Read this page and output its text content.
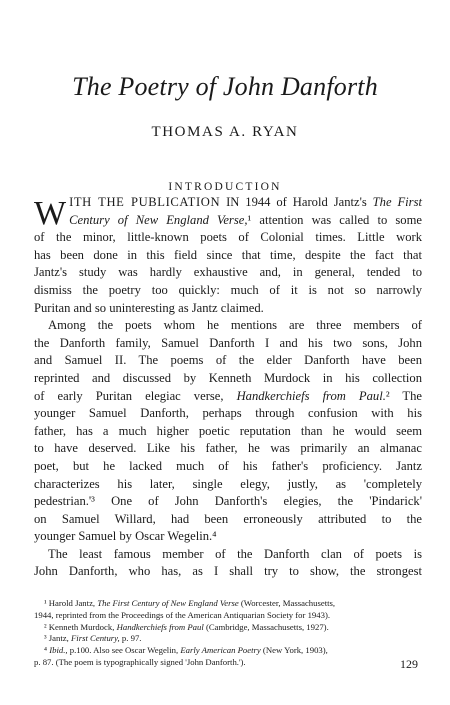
The Poetry of John Danforth
THOMAS A. RYAN
INTRODUCTION

W ITH THE PUBLICATION IN 1944 of Harold Jantz's The First
Century of New England Verse,¹ attention was called to some
of the minor, little-known poets of Colonial times. Little work
has been done in this field since that time, despite the fact that
Jantz's study was hardly exhaustive and, in general, tended to
dismiss the poetry too quickly: much of it is not so narrowly
Puritan and so uninteresting as Jantz claimed.

Among the poets whom he mentions are three members of
the Danforth family, Samuel Danforth I and his two sons, John
and Samuel II. The poems of the elder Danforth have been
reprinted and discussed by Kenneth Murdock in his collection
of early Puritan elegiac verse, Handkerchiefs from Paul.² The
younger Samuel Danforth, perhaps through confusion with his
father, has a much higher poetic reputation than he would seem
to have deserved. Like his father, he was primarily an almanac
poet, but he lacked much of his father's proficiency. Jantz
characterizes his later, single elegy, justly, as 'completely
pedestrian.'³ One of John Danforth's elegies, the 'Pindarick'
on Samuel Willard, had been erroneously attributed to the
younger Samuel by Oscar Wegelin.⁴

The least famous member of the Danforth clan of poets is
John Danforth, who has, as I shall try to show, the strongest

¹ Harold Jantz, The First Century of New England Verse (Worcester, Massachusetts,

1944, reprinted from the Proceedings of the American Antiquarian Society for 1943).

² Kenneth Murdock, Handkerchiefs from Paul (Cambridge, Massachusetts, 1927).

³ Jantz, First Century, p. 97.

⁴ Ibid., p.100. Also see Oscar Wegelin, Early American Poetry (New York, 1903),

p. 87. (The poem is typographically signed 'John Danforth.').	129
